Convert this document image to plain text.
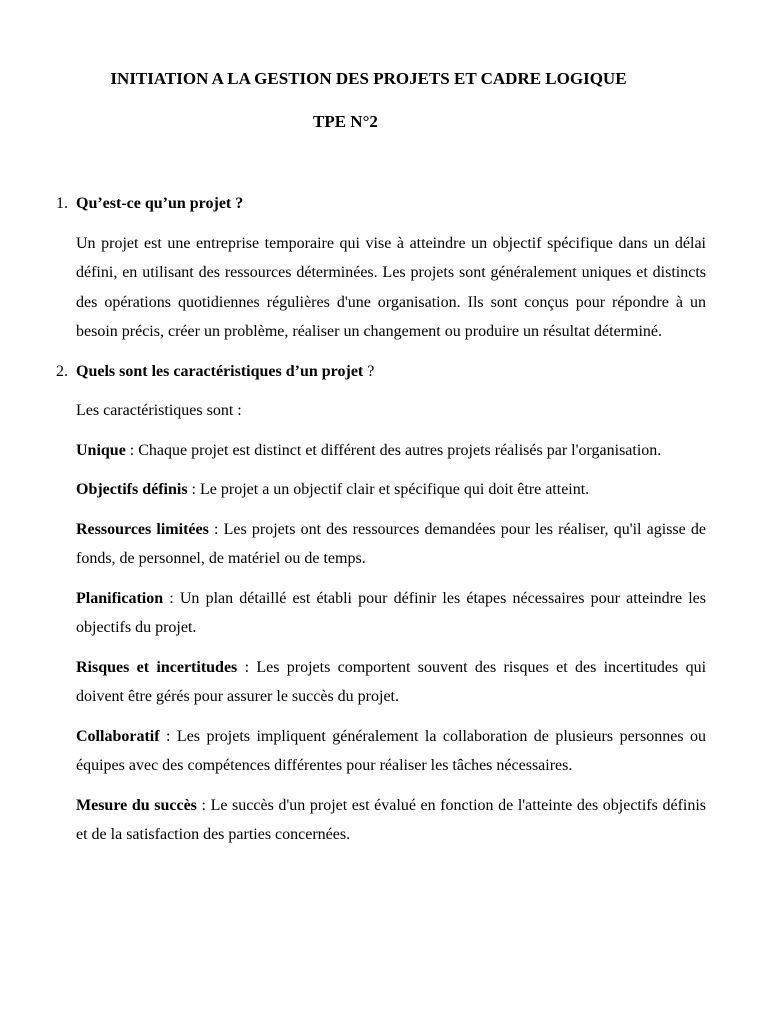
INITIATION A LA GESTION DES PROJETS ET CADRE LOGIQUE
TPE N°2

1. Qu’est-ce qu’un projet ?

Un projet est une entreprise temporaire qui vise à atteindre un objectif spécifique dans un délai défini, en utilisant des ressources déterminées. Les projets sont généralement uniques et distincts des opérations quotidiennes régulières d'une organisation. Ils sont conçus pour répondre à un besoin précis, créer un problème, réaliser un changement ou produire un résultat déterminé.

2. Quels sont les caractéristiques d’un projet ?

Les caractéristiques sont :

Unique : Chaque projet est distinct et différent des autres projets réalisés par l'organisation.

Objectifs définis : Le projet a un objectif clair et spécifique qui doit être atteint.

Ressources limitées : Les projets ont des ressources demandées pour les réaliser, qu'il agisse de fonds, de personnel, de matériel ou de temps.

Planification : Un plan détaillé est établi pour définir les étapes nécessaires pour atteindre les objectifs du projet.

Risques et incertitudes : Les projets comportent souvent des risques et des incertitudes qui doivent être gérés pour assurer le succès du projet.

Collaboratif : Les projets impliquent généralement la collaboration de plusieurs personnes ou équipes avec des compétences différentes pour réaliser les tâches nécessaires.

Mesure du succès : Le succès d'un projet est évalué en fonction de l'atteinte des objectifs définis et de la satisfaction des parties concernées.
